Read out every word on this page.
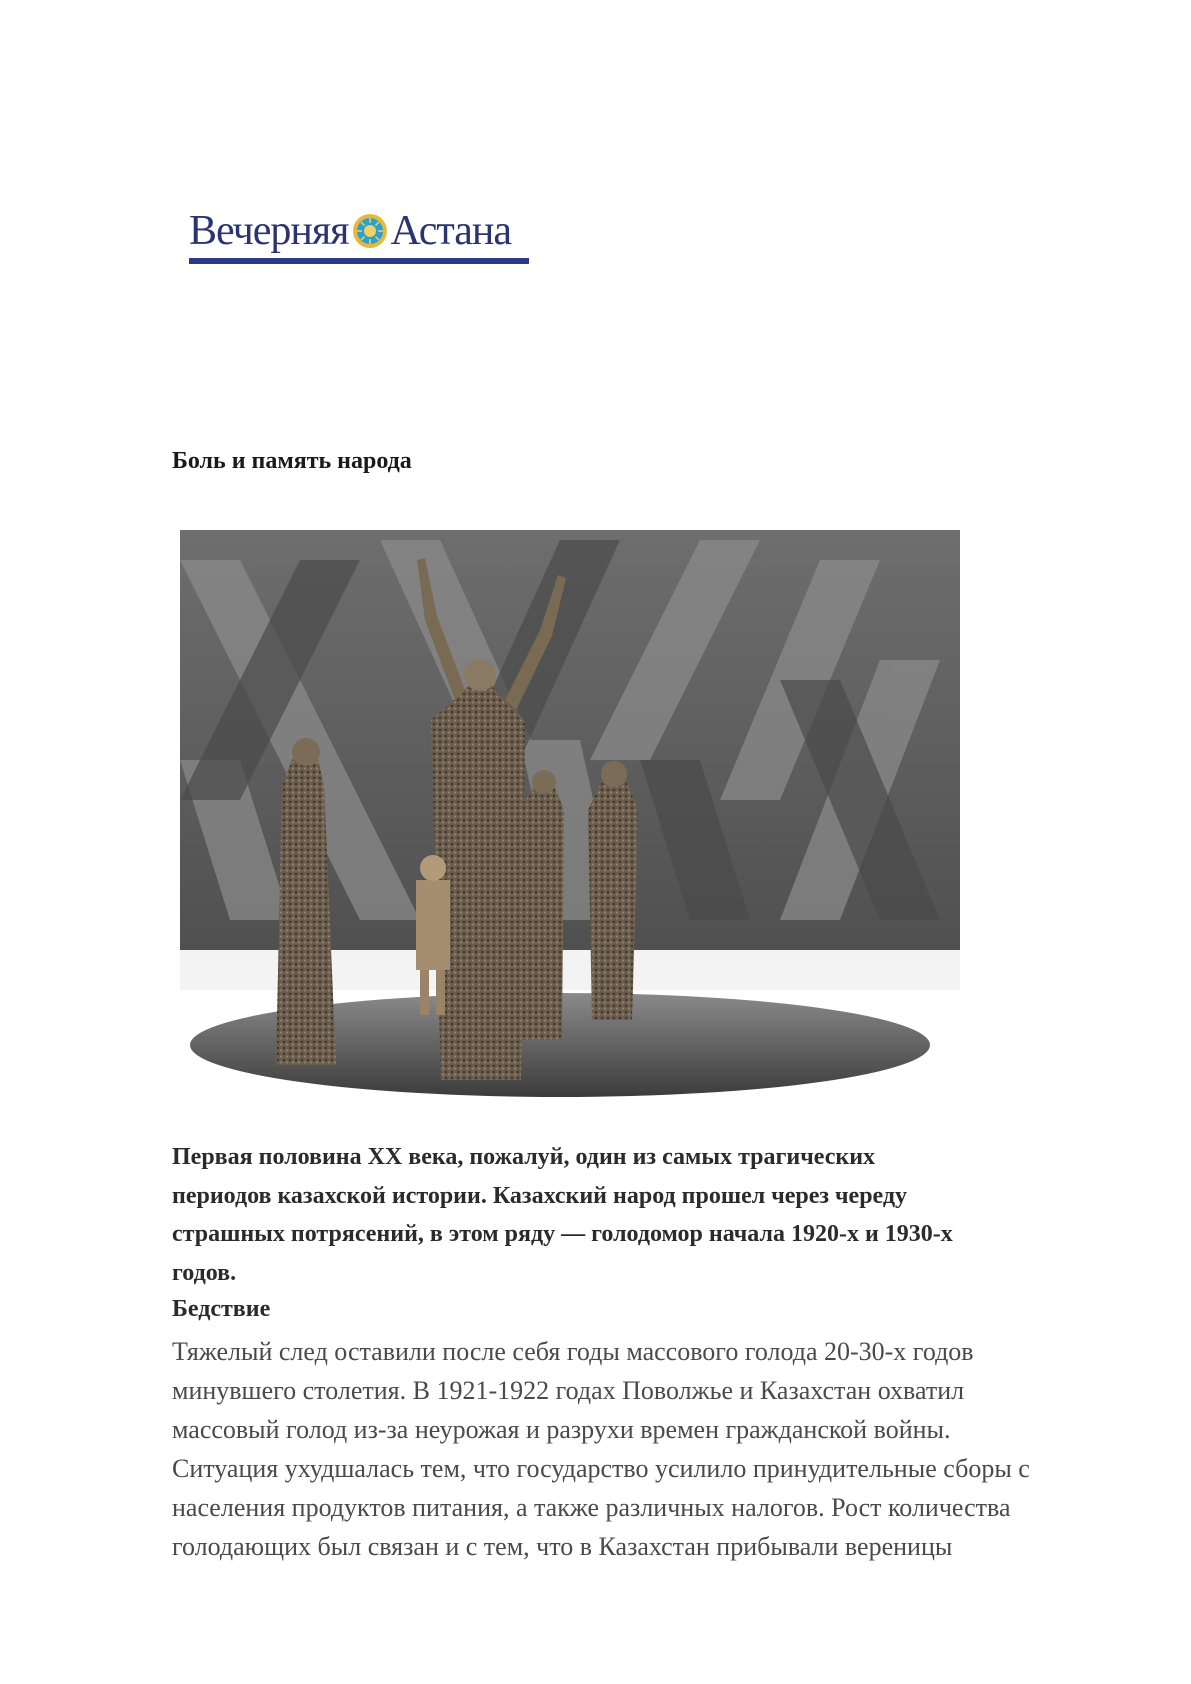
Вечерняя Астана
Боль и память народа

Первая половина XX века, пожалуй, один из самых трагических
периодов казахской истории. Казахский народ прошел через череду
страшных потрясений, в этом ряду — голодомор начала 1920-х и 1930-х
годов.

Бедствие

Тяжелый след оставили после себя годы массового голода 20-30-х годов
минувшего столетия. В 1921-1922 годах Поволжье и Казахстан охватил
массовый голод из-за неурожая и разрухи времен гражданской войны.
Ситуация ухудшалась тем, что государство усилило принудительные сборы с
населения продуктов питания, а также различных налогов. Рост количества
голодающих был связан и с тем, что в Казахстан прибывали вереницы
